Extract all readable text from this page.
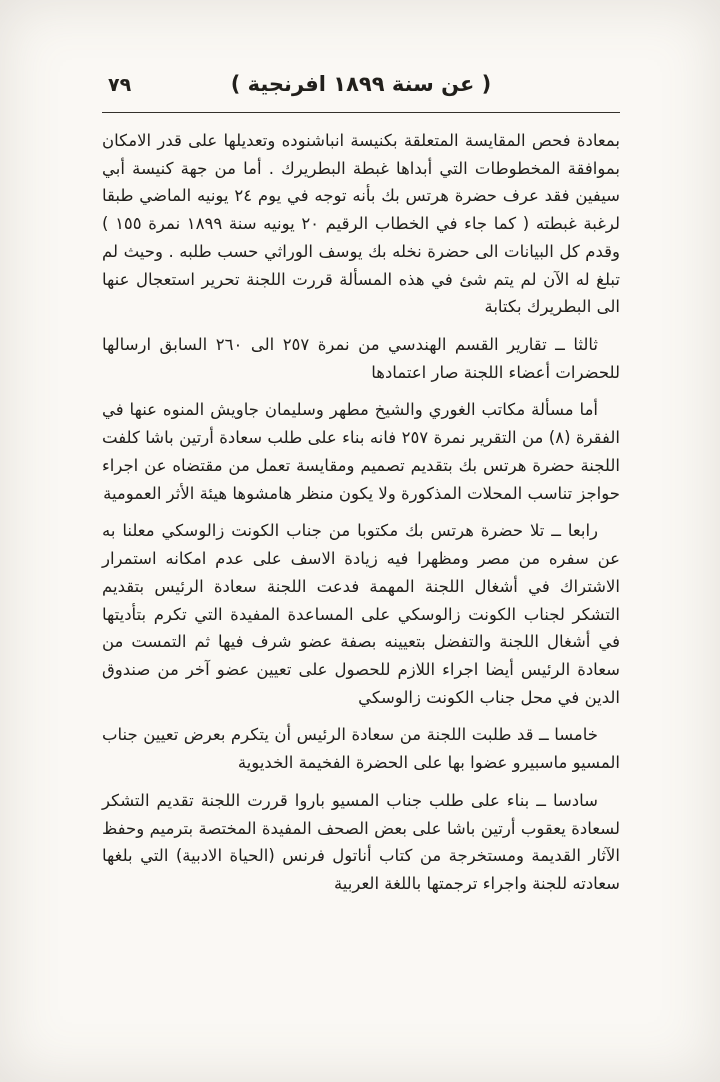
٧٩	( عن سنة ١٨٩٩ افرنجية )

بمعادة فحص المقايسة المتعلقة بكنيسة انباشنوده وتعديلها على قدر الامكان بموافقة المخطوطات التي أبداها غبطة البطريرك . أما من جهة كنيسة أبي سيفين فقد عرف حضرة هرتس بك بأنه توجه في يوم ٢٤ يونيه الماضي طبقا لرغبة غبطته ( كما جاء في الخطاب الرقيم ٢٠ يونيه سنة ١٨٩٩ نمرة ١٥٥ ) وقدم كل البيانات الى حضرة نخله بك يوسف الوراثي حسب طلبه . وحيث لم تبلغ له الآن لم يتم شئ في هذه المسألة قررت اللجنة تحرير استعجال عنها الى البطريرك بكتابة

ثالثا ــ تقارير القسم الهندسي من نمرة ٢٥٧ الى ٢٦٠ السابق ارسالها للحضرات أعضاء اللجنة صار اعتمادها

أما مسألة مكاتب الغوري والشيخ مطهر وسليمان جاويش المنوه عنها في الفقرة (٨) من التقرير نمرة ٢٥٧ فانه بناء على طلب سعادة أرتين باشا كلفت اللجنة حضرة هرتس بك بتقديم تصميم ومقايسة تعمل من مقتضاه عن اجراء حواجز تناسب المحلات المذكورة ولا يكون منظر هامشوها هيئة الأثر العمومية

رابعا ــ تلا حضرة هرتس بك مكتوبا من جناب الكونت زالوسكي معلنا به عن سفره من مصر ومظهرا فيه زيادة الاسف على عدم امكانه استمرار الاشتراك في أشغال اللجنة المهمة فدعت اللجنة سعادة الرئيس بتقديم التشكر لجناب الكونت زالوسكي على المساعدة المفيدة التي تكرم بتأديتها في أشغال اللجنة والتفضل بتعيينه بصفة عضو شرف فيها ثم التمست من سعادة الرئيس أيضا اجراء اللازم للحصول على تعيين عضو آخر من صندوق الدين في محل جناب الكونت زالوسكي

خامسا ــ قد طلبت اللجنة من سعادة الرئيس أن يتكرم بعرض تعيين جناب المسيو ماسبيرو عضوا بها على الحضرة الفخيمة الخديوية

سادسا ــ بناء على طلب جناب المسيو باروا قررت اللجنة تقديم التشكر لسعادة يعقوب أرتين باشا على بعض الصحف المفيدة المختصة بترميم وحفظ الآثار القديمة ومستخرجة من كتاب أناتول فرنس (الحياة الادبية) التي بلغها سعادته للجنة واجراء ترجمتها باللغة العربية
